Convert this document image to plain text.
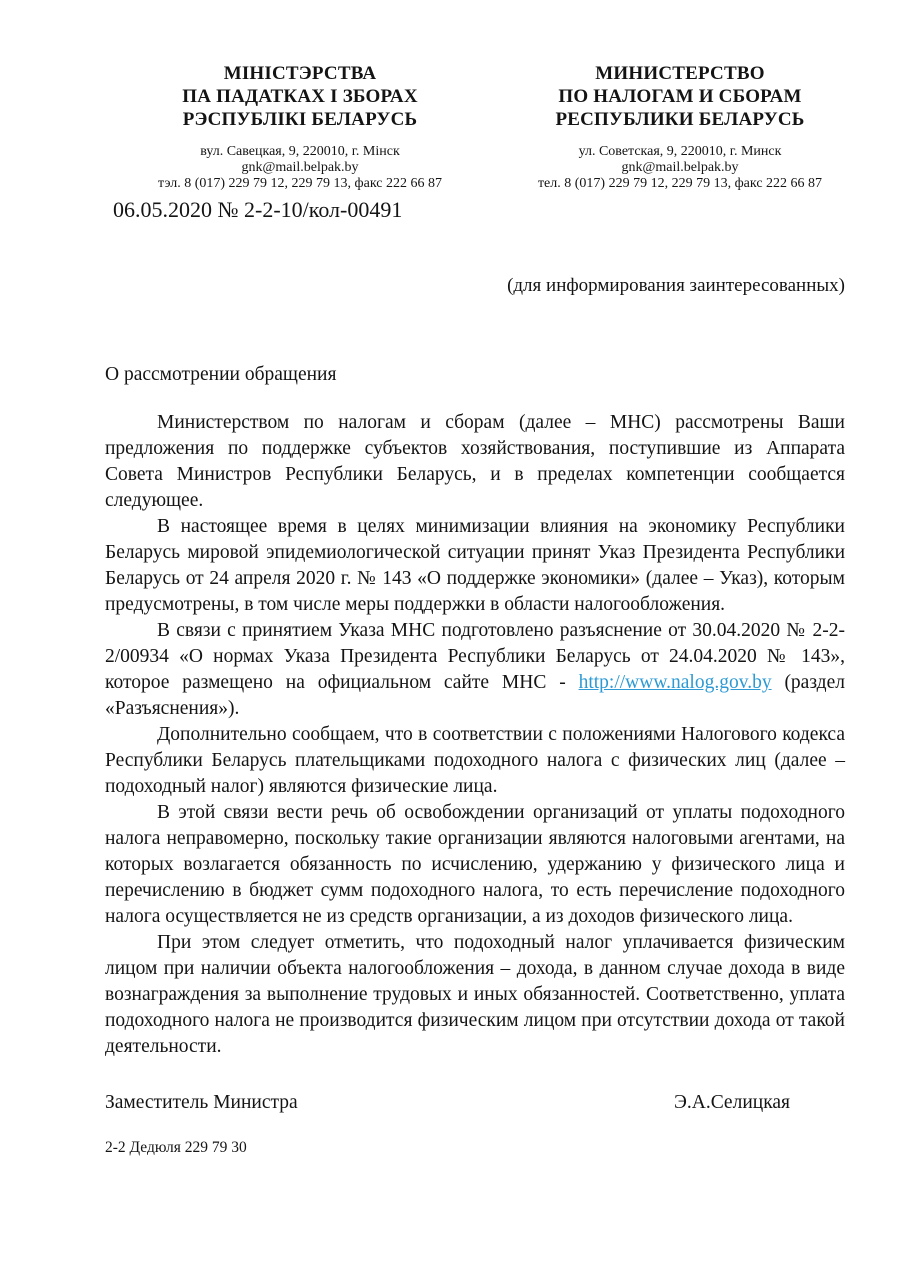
МІНІСТЭРСТВА
ПА ПАДАТКАХ І ЗБОРАХ
РЭСПУБЛІКІ БЕЛАРУСЬ
вул. Савецкая, 9, 220010, г. Мінск
gnk@mail.belpak.by
тэл. 8 (017) 229 79 12, 229 79 13, факс 222 66 87
06.05.2020 № 2-2-10/кол-00491
МИНИСТЕРСТВО
ПО НАЛОГАМ И СБОРАМ
РЕСПУБЛИКИ БЕЛАРУСЬ
ул. Советская, 9, 220010, г. Минск
gnk@mail.belpak.by
тел. 8 (017) 229 79 12, 229 79 13, факс 222 66 87
(для информирования заинтересованных)
О рассмотрении обращения

Министерством по налогам и сборам (далее – МНС) рассмотрены Ваши предложения по поддержке субъектов хозяйствования, поступившие из Аппарата Совета Министров Республики Беларусь, и в пределах компетенции сообщается следующее.

В настоящее время в целях минимизации влияния на экономику Республики Беларусь мировой эпидемиологической ситуации принят Указ Президента Республики Беларусь от 24 апреля 2020 г. № 143 «О поддержке экономики» (далее – Указ), которым предусмотрены, в том числе меры поддержки в области налогообложения.

В связи с принятием Указа МНС подготовлено разъяснение от 30.04.2020 № 2-2-2/00934 «О нормах Указа Президента Республики Беларусь от 24.04.2020 № 143», которое размещено на официальном сайте МНС - http://www.nalog.gov.by (раздел «Разъяснения»).

Дополнительно сообщаем, что в соответствии с положениями Налогового кодекса Республики Беларусь плательщиками подоходного налога с физических лиц (далее – подоходный налог) являются физические лица.

В этой связи вести речь об освобождении организаций от уплаты подоходного налога неправомерно, поскольку такие организации являются налоговыми агентами, на которых возлагается обязанность по исчислению, удержанию у физического лица и перечислению в бюджет сумм подоходного налога, то есть перечисление подоходного налога осуществляется не из средств организации, а из доходов физического лица.

При этом следует отметить, что подоходный налог уплачивается физическим лицом при наличии объекта налогообложения – дохода, в данном случае дохода в виде вознаграждения за выполнение трудовых и иных обязанностей. Соответственно, уплата подоходного налога не производится физическим лицом при отсутствии дохода от такой деятельности.

Заместитель Министра	Э.А.Селицкая
2-2 Дедюля 229 79 30
